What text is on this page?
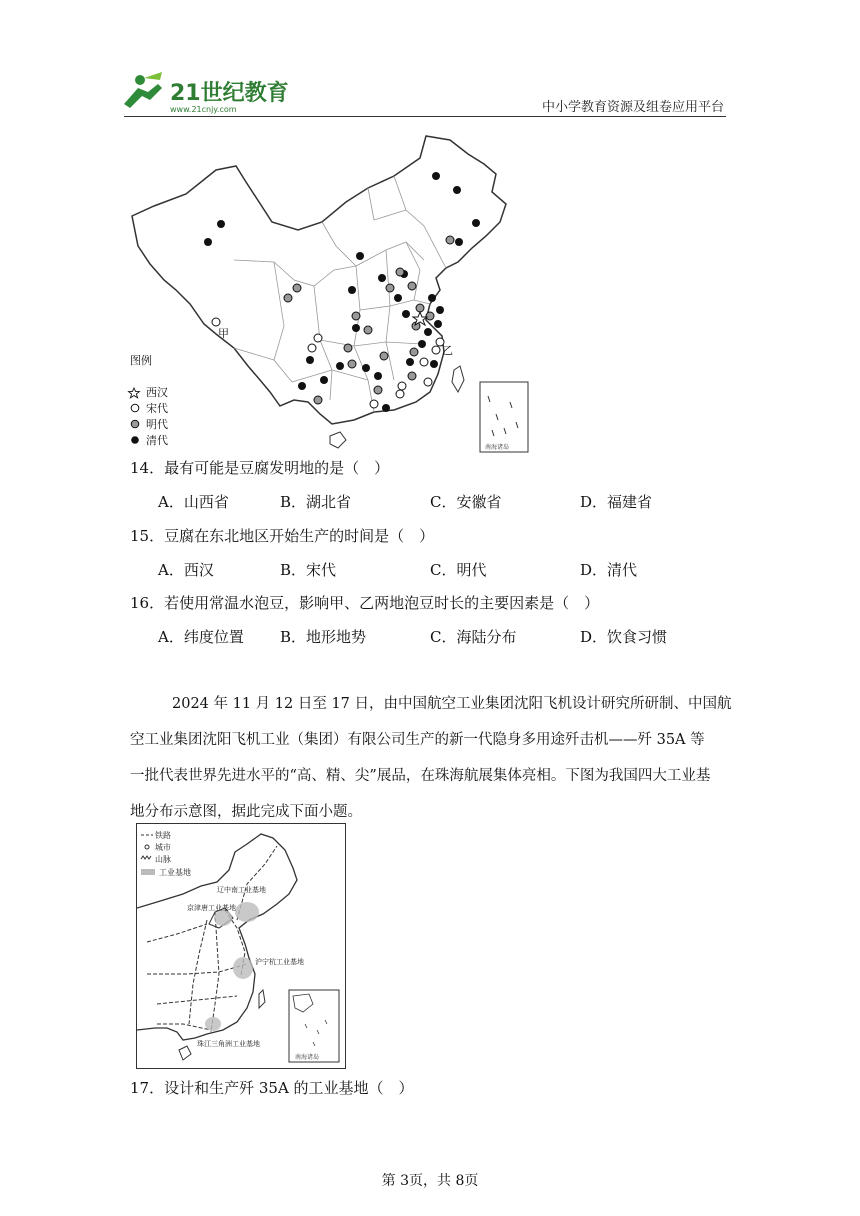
21世纪教育
www.21cnjy.com	中小学教育资源及组卷应用平台
南海诸岛
甲
乙
图例
西汉
宋代
明代
清代
14．最有可能是豆腐发明地的是（　）
A．山西省	B．湖北省	C．安徽省	D．福建省
15．豆腐在东北地区开始生产的时间是（　）
A．西汉	B．宋代	C．明代	D．清代
16．若使用常温水泡豆，影响甲、乙两地泡豆时长的主要因素是（　）
A．纬度位置 B．地形地势	C．海陆分布	D．饮食习惯
2024 年 11 月 12 日至 17 日，由中国航空工业集团沈阳飞机设计研究所研制、中国航
空工业集团沈阳飞机工业（集团）有限公司生产的新一代隐身多用途歼击机——歼 35A 等
一批代表世界先进水平的“高、精、尖”展品，在珠海航展集体亮相。下图为我国四大工业基
地分布示意图，据此完成下面小题。
铁路
城市
山脉
工业基地
辽中南工业基地
京津唐工业基地
沪宁杭工业基地
珠江三角洲工业基地
南海诸岛
17．设计和生产歼 35A 的工业基地（　）
第 3页，共 8页
